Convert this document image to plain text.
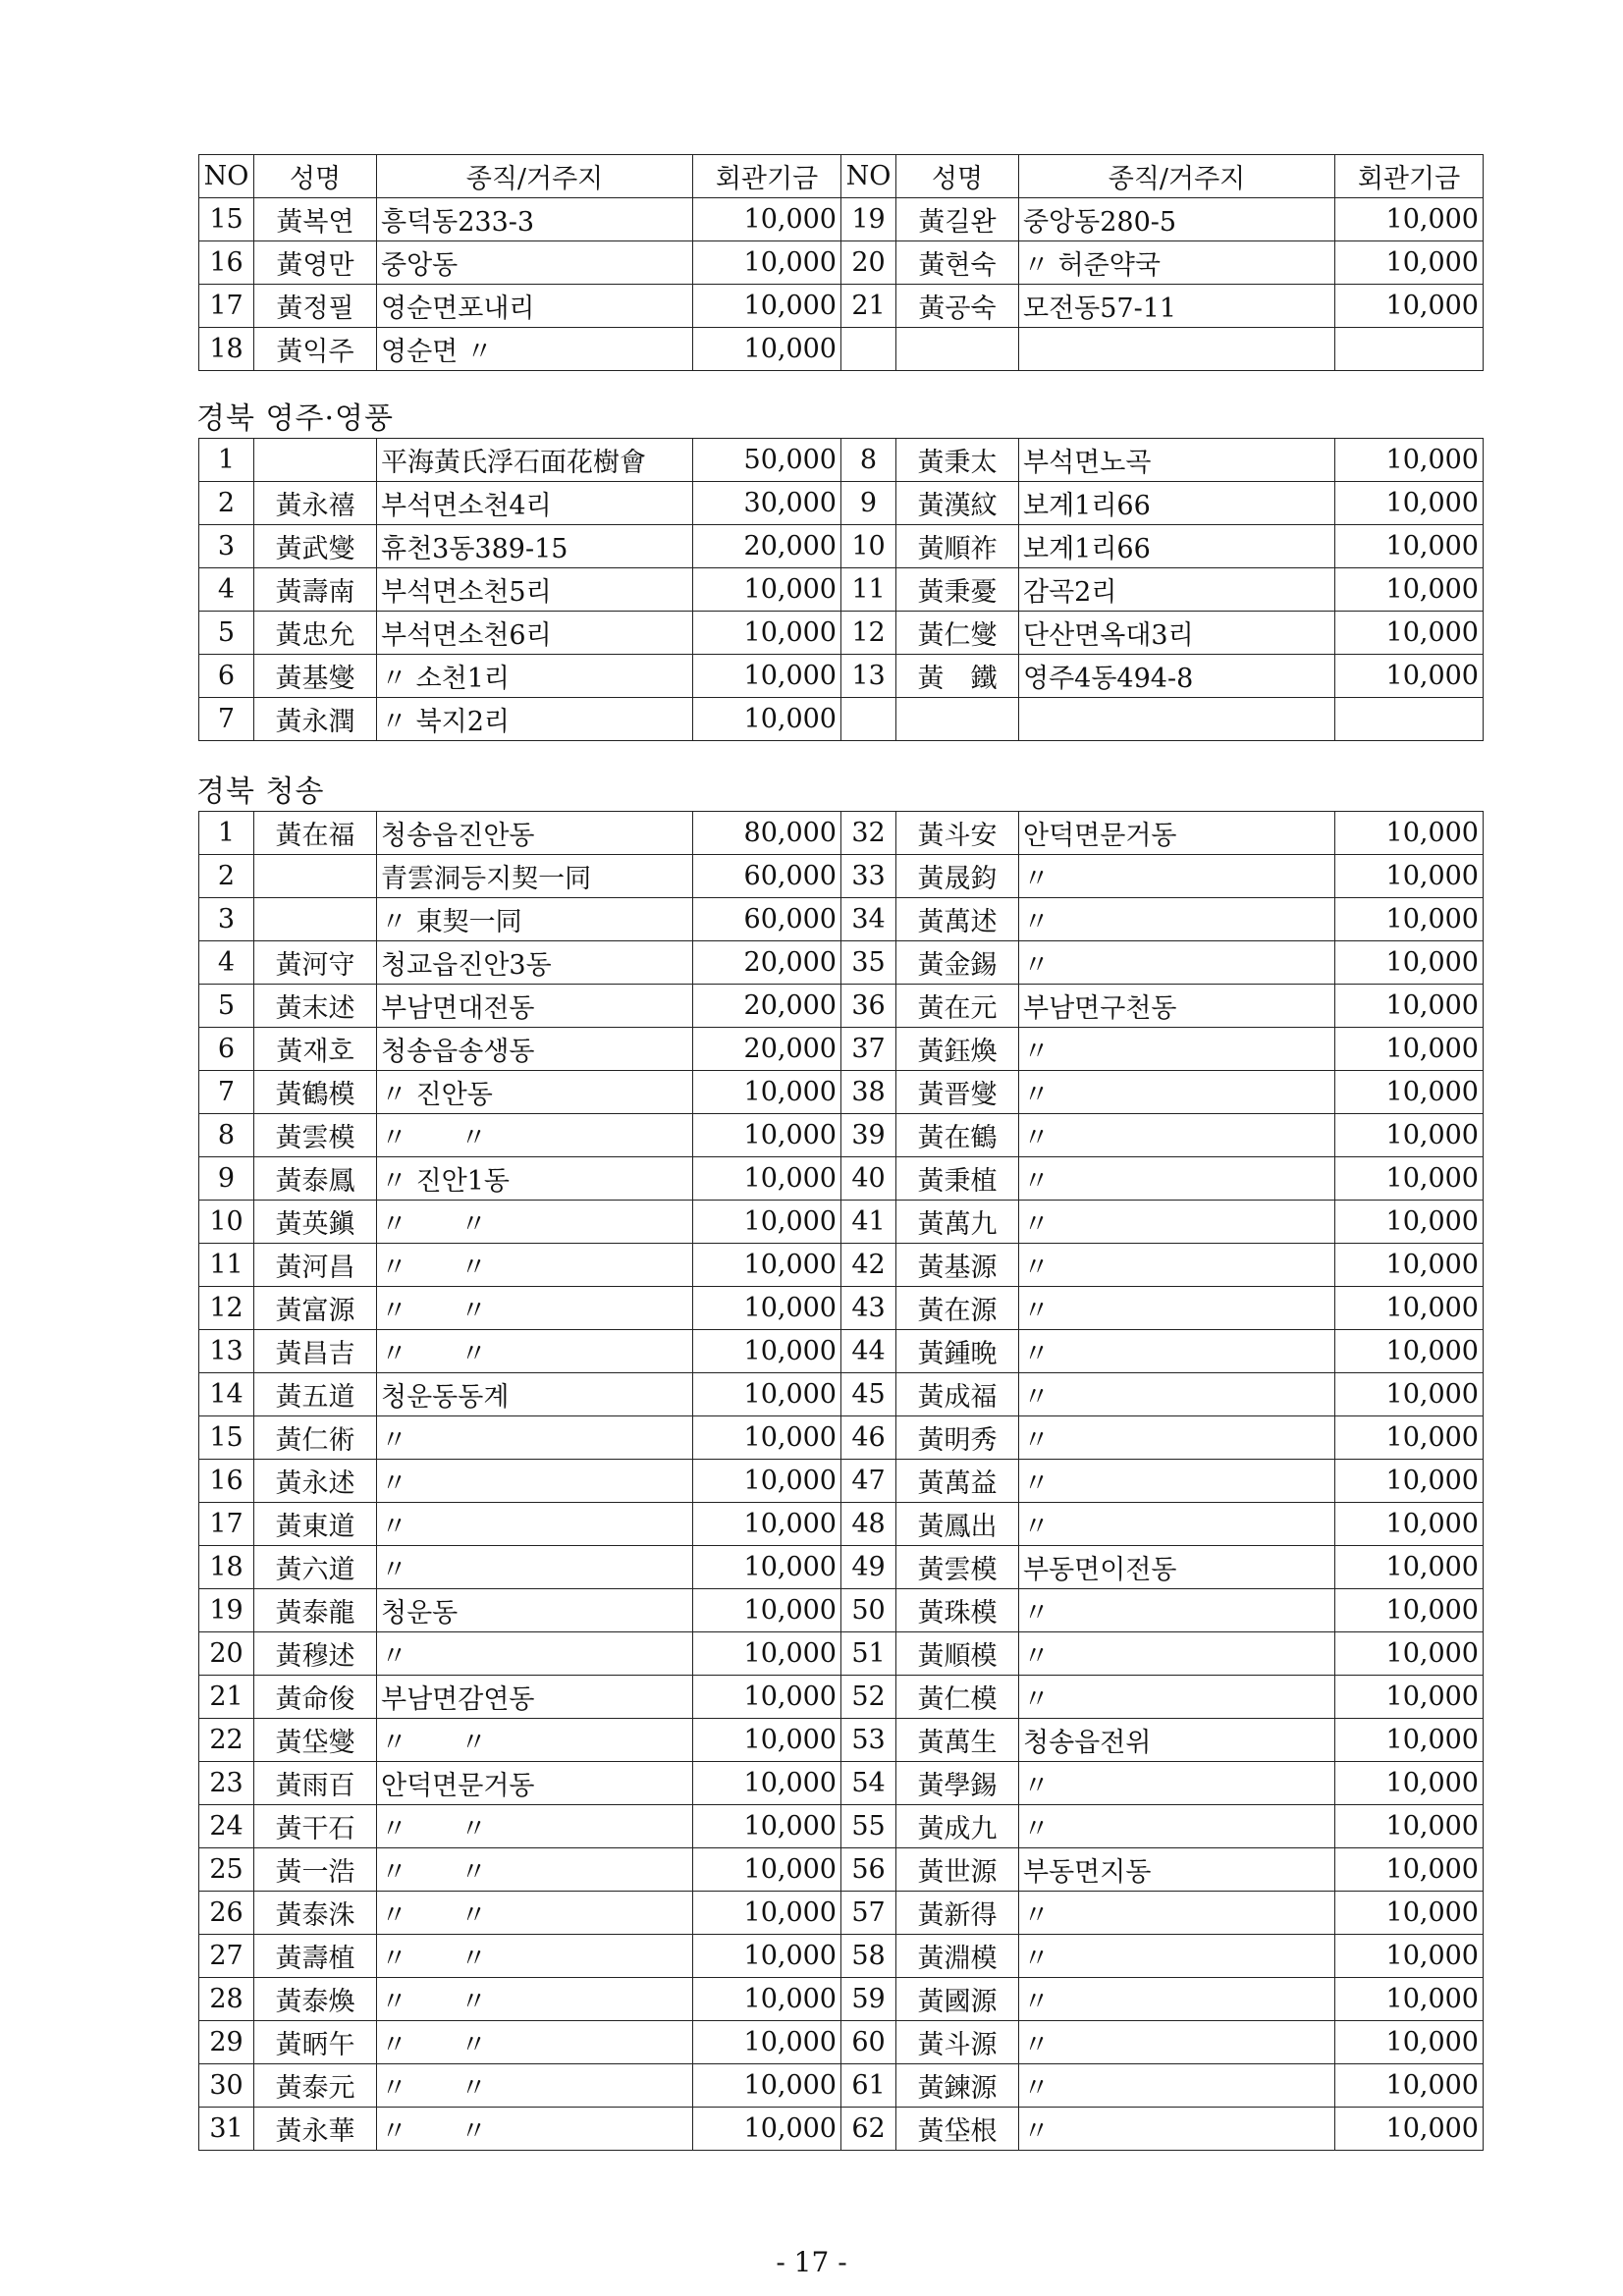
NO	성명	종직/거주지	회관기금	NO	성명	종직/거주지	회관기금
15	黃복연	흥덕동233-3	10,000	19	黃길완	중앙동280-5	10,000
16	黃영만	중앙동	10,000	20	黃현숙	〃 허준약국	10,000
17	黃정필	영순면포내리	10,000	21	黃공숙	모전동57-11	10,000
18	黃익주	영순면 〃	10,000				
경북 영주·영풍
1		平海黃氏浮石面花樹會	50,000	8	黃秉太	부석면노곡	10,000
2	黃永禧	부석면소천4리	30,000	9	黃漢紋	보계1리66	10,000
3	黃武燮	휴천3동389-15	20,000	10	黃順祚	보계1리66	10,000
4	黃壽南	부석면소천5리	10,000	11	黃秉憂	감곡2리	10,000
5	黃忠允	부석면소천6리	10,000	12	黃仁燮	단산면옥대3리	10,000
6	黃基燮	〃 소천1리	10,000	13	黃　鐵	영주4동494-8	10,000
7	黃永潤	〃 북지2리	10,000				
경북 청송
1	黃在福	청송읍진안동	80,000	32	黃斗安	안덕면문거동	10,000
2		青雲洞등지契一同	60,000	33	黃晟鈞	〃	10,000
3		〃 東契一同	60,000	34	黃萬述	〃	10,000
4	黃河守	청교읍진안3동	20,000	35	黃金錫	〃	10,000
5	黃末述	부남면대전동	20,000	36	黃在元	부남면구천동	10,000
6	黃재호	청송읍송생동	20,000	37	黃鈺煥	〃	10,000
7	黃鶴模	〃 진안동	10,000	38	黃晋燮	〃	10,000
8	黃雲模	〃　　〃	10,000	39	黃在鶴	〃	10,000
9	黃泰鳳	〃 진안1동	10,000	40	黃秉植	〃	10,000
10	黃英鎭	〃　　〃	10,000	41	黃萬九	〃	10,000
11	黃河昌	〃　　〃	10,000	42	黃基源	〃	10,000
12	黃富源	〃　　〃	10,000	43	黃在源	〃	10,000
13	黃昌吉	〃　　〃	10,000	44	黃鍾晩	〃	10,000
14	黃五道	청운동동계	10,000	45	黃成福	〃	10,000
15	黃仁術	〃	10,000	46	黃明秀	〃	10,000
16	黃永述	〃	10,000	47	黃萬益	〃	10,000
17	黃東道	〃	10,000	48	黃鳳出	〃	10,000
18	黃六道	〃	10,000	49	黃雲模	부동면이전동	10,000
19	黃泰龍	청운동	10,000	50	黃珠模	〃	10,000
20	黃穆述	〃	10,000	51	黃順模	〃	10,000
21	黃命俊	부남면감연동	10,000	52	黃仁模	〃	10,000
22	黃垈燮	〃　　〃	10,000	53	黃萬生	청송읍전위	10,000
23	黃雨百	안덕면문거동	10,000	54	黃學錫	〃	10,000
24	黃干石	〃　　〃	10,000	55	黃成九	〃	10,000
25	黃一浩	〃　　〃	10,000	56	黃世源	부동면지동	10,000
26	黃泰洙	〃　　〃	10,000	57	黃新得	〃	10,000
27	黃壽植	〃　　〃	10,000	58	黃淵模	〃	10,000
28	黃泰煥	〃　　〃	10,000	59	黃國源	〃	10,000
29	黃昞午	〃　　〃	10,000	60	黃斗源	〃	10,000
30	黃泰元	〃　　〃	10,000	61	黃鍊源	〃	10,000
31	黃永華	〃　　〃	10,000	62	黃垈根	〃	10,000
- 17 -
